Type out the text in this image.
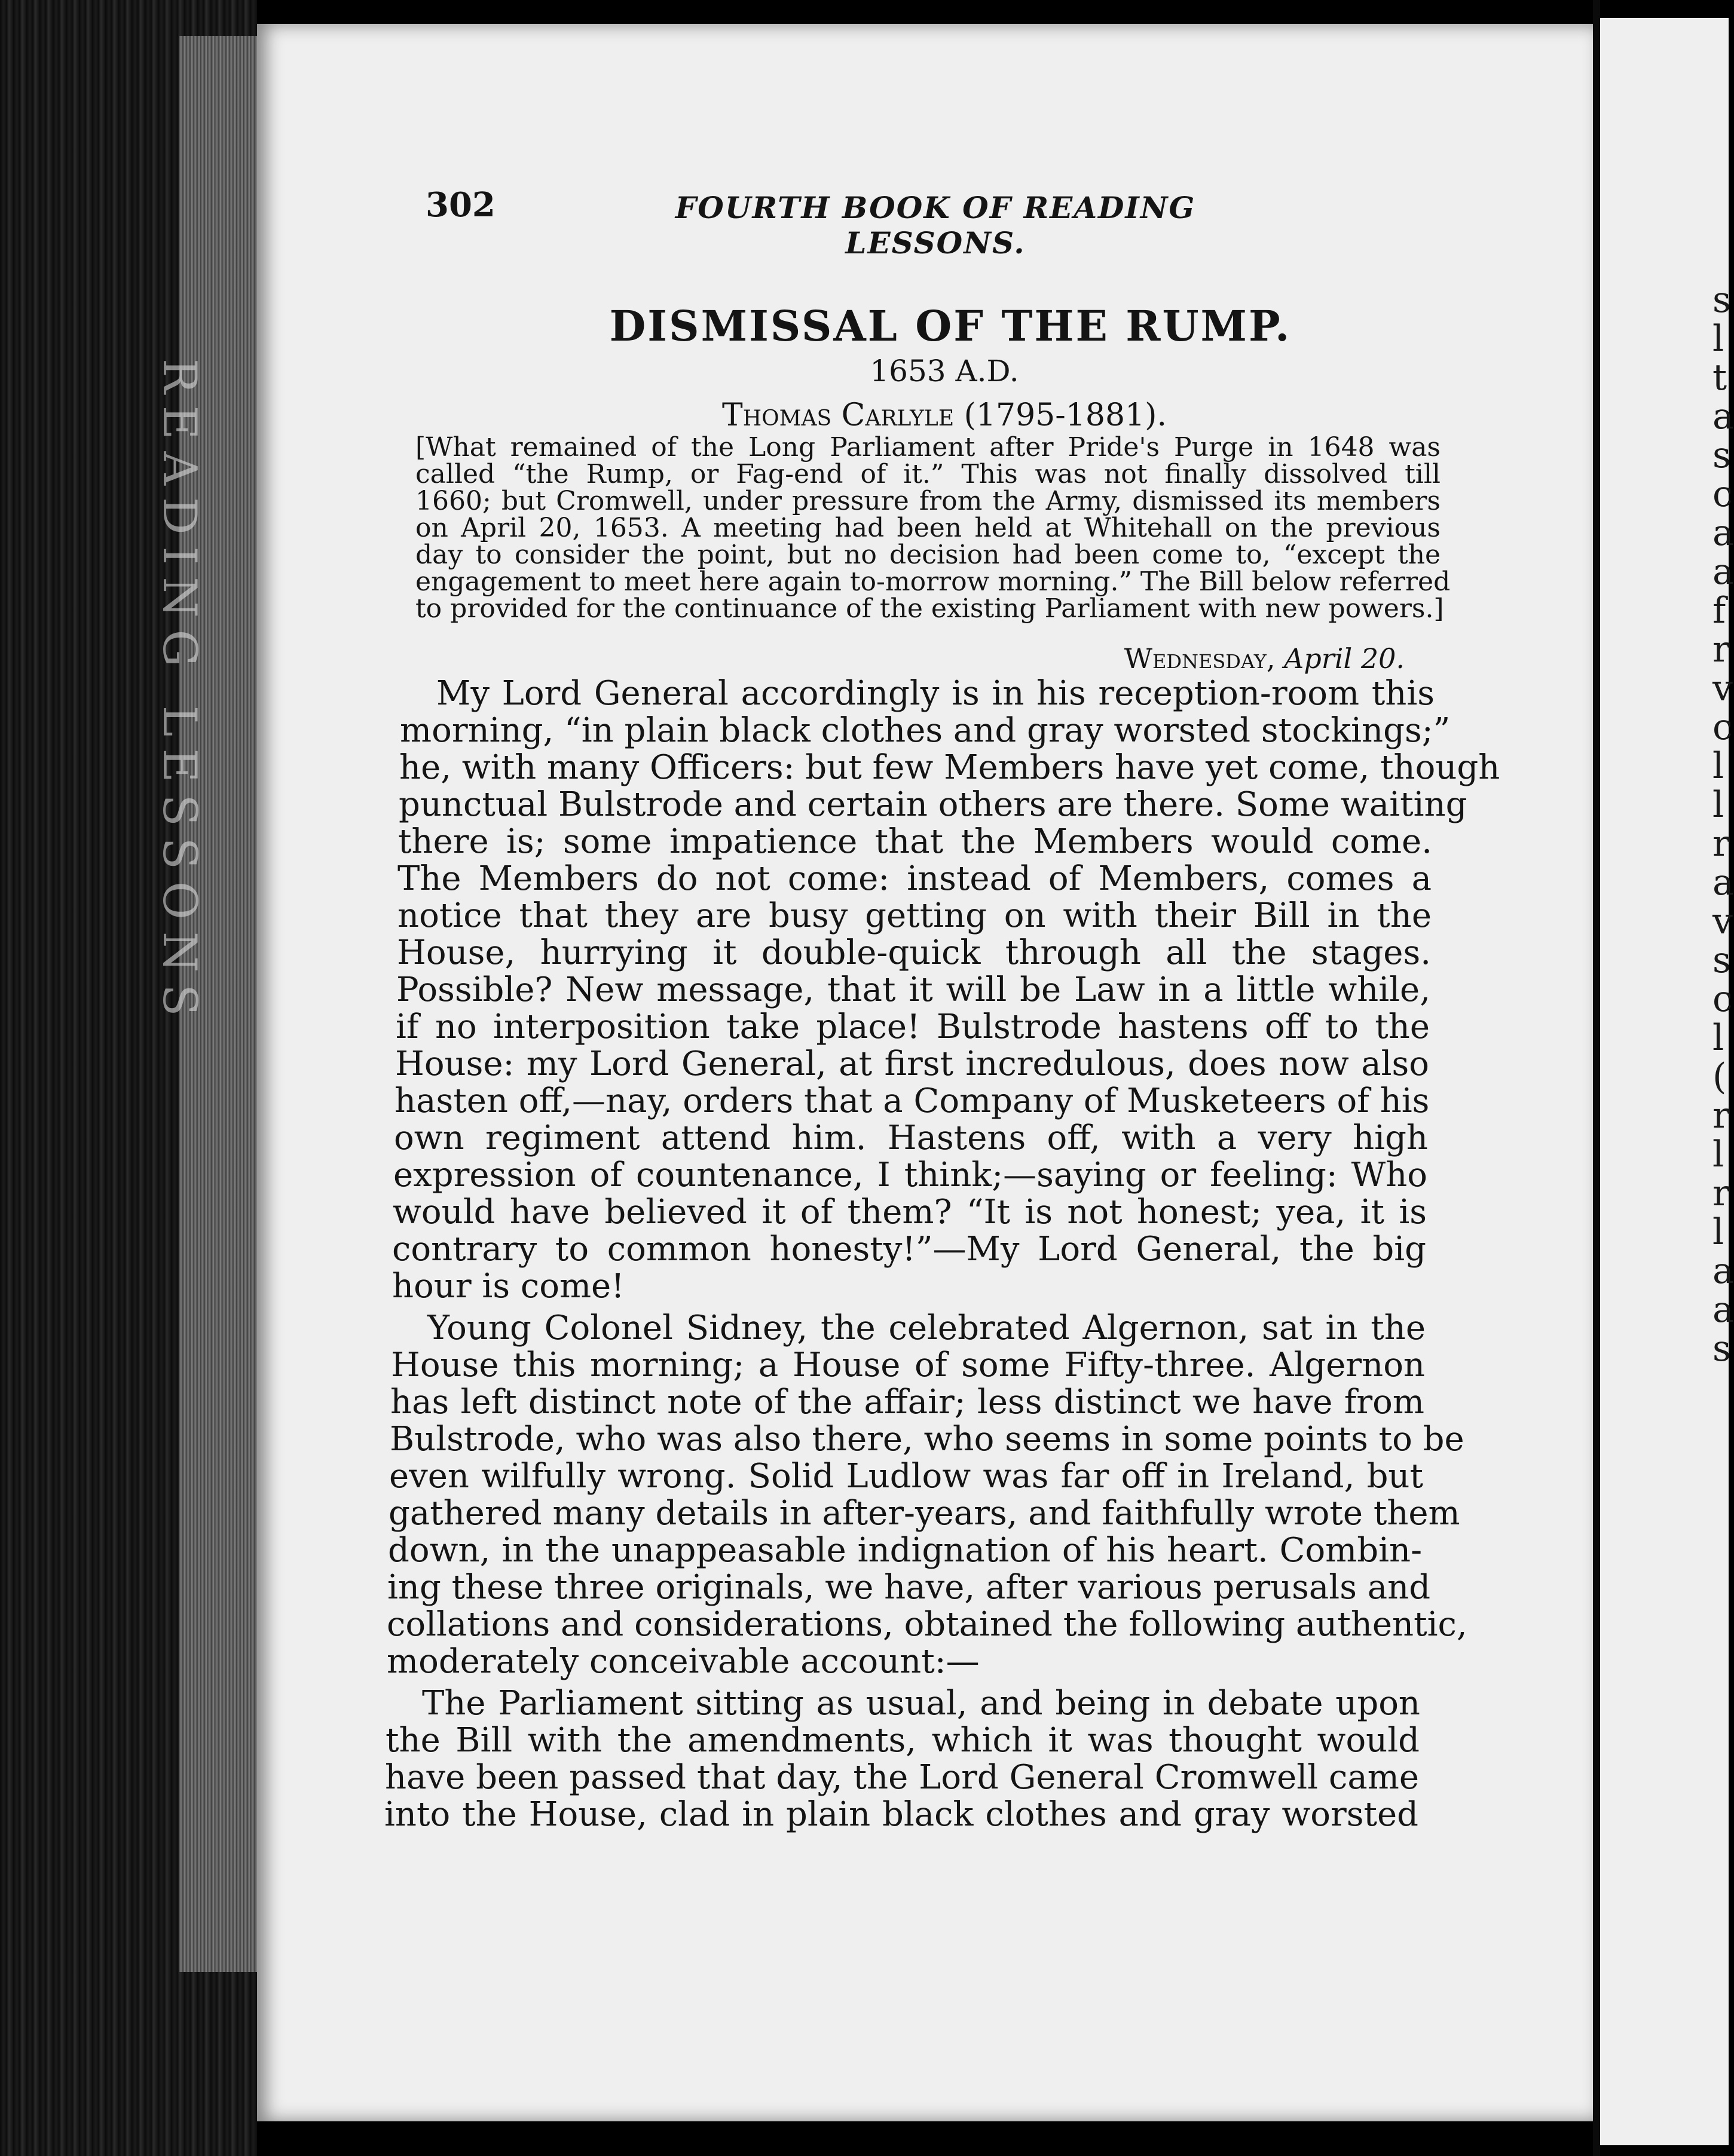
READING LESSONS
s
l
t
a
s
c
a
a
f
r
v
c
l
l
r
a
v
s
c
l
(
r
l
r
l
a
a
s
302	FOURTH BOOK OF READING LESSONS.
DISMISSAL OF THE RUMP.
1653 A.D.
Thomas Carlyle (1795-1881).
[What remained of the Long Parliament after Pride's Purge in 1648 was
called “the Rump, or Fag-end of it.” This was not finally dissolved till
1660; but Cromwell, under pressure from the Army, dismissed its members
on April 20, 1653. A meeting had been held at Whitehall on the previous
day to consider the point, but no decision had been come to, “except the
engagement to meet here again to-morrow morning.” The Bill below referred
to provided for the continuance of the existing Parliament with new powers.]
Wednesday, April 20.
My Lord General accordingly is in his reception-room this
morning, “in plain black clothes and gray worsted stockings;”
he, with many Officers: but few Members have yet come, though
punctual Bulstrode and certain others are there. Some waiting
there is; some impatience that the Members would come.
The Members do not come: instead of Members, comes a
notice that they are busy getting on with their Bill in the
House, hurrying it double-quick through all the stages.
Possible? New message, that it will be Law in a little while,
if no interposition take place! Bulstrode hastens off to the
House: my Lord General, at first incredulous, does now also
hasten off,—nay, orders that a Company of Musketeers of his
own regiment attend him. Hastens off, with a very high
expression of countenance, I think;—saying or feeling: Who
would have believed it of them? “It is not honest; yea, it is
contrary to common honesty!”—My Lord General, the big
hour is come!
Young Colonel Sidney, the celebrated Algernon, sat in the
House this morning; a House of some Fifty-three. Algernon
has left distinct note of the affair; less distinct we have from
Bulstrode, who was also there, who seems in some points to be
even wilfully wrong. Solid Ludlow was far off in Ireland, but
gathered many details in after-years, and faithfully wrote them
down, in the unappeasable indignation of his heart. Combin-
ing these three originals, we have, after various perusals and
collations and considerations, obtained the following authentic,
moderately conceivable account:—
The Parliament sitting as usual, and being in debate upon
the Bill with the amendments, which it was thought would
have been passed that day, the Lord General Cromwell came
into the House, clad in plain black clothes and gray worsted
